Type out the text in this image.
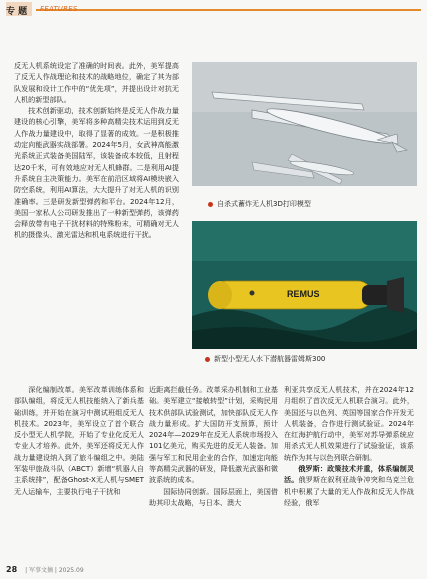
专 题 FEATURES

反无人机系统设定了准确的时间表。此外，美军提高了反无人作战理论和技术的战略地位，确定了其为部队发展和设计工作中的“优先项”，并提出设计对抗无人机的新型部队。

技术创新驱动，技术创新始终是反无人作战力量建设的核心引擎，美军将多种高精尖技术运用到反无人作战力量建设中，取得了显著的成效。一是积极推动定向能武器实战部署。2024年5月，女武神高能激光系统正式装备美国陆军，该装备成本较低，且射程达20千米，可有效地应对无人机蜂群。二是利用AI提升系统自主决策能力。美军在前沿区域将AI模块嵌入防空系统，利用AI算法，大大提升了对无人机的识别准确率。三是研发新型弹药和平台。2024年12月，美国一家私人公司研发推出了一种新型弹药，该弹药会释放带有电子干扰材料的特殊粉末，可精确对无人机的摄像头、激光雷达和机电系统进行干扰。

自杀式蓄炸无人机3D打印模型
REMUS
新型小型无人水下潜航器雷姆斯300

深化编制改革。美军改革训练体系和部队编组，将反无人机技能纳入了新兵基础训练，并开始在演习中测试班组反无人机技术。2023年，美军设立了首个联合反小型无人机学院，开始了专业化反无人专业人才培养。此外，美军还将反无人作战力量建设纳入到了旅斗编组之中。美陆军装甲旅战斗队（ABCT）新增“机器人自主系统排”，配备Ghost-X无人机与SMET无人运输车，主要执行电子干扰和

近距离拦截任务。改革采办机制和工业基础。美军建立“接敏转型”计划，采购民用技术供部队试验测试，加快部队反无人作战力量形成。扩大国防开支预算，预计2024年—2029年在反无人系统市场投入101亿美元，购买先进的反无人装备。加强与军工和民用企业的合作，加速定向能等高精尖武器的研发，降低激光武器和微波系统的成本。

国际协同创新。国际层面上，美国借助其印太战略，与日本、澳大

利亚共享反无人机技术，并在2024年12月组织了首次反无人机联合演习。此外，美国还与以色列、英国等国家合作开发无人机装备，合作进行测试验证。2024年在红海护航行动中，美军对苏导弹系统应用杀式无人机效果进行了试验验证，该系统作为其与以色列联合研制。

俄罗斯：政策技术并重，体系编制灵活。俄罗斯在叙利亚战争冲突和乌克兰危机中积累了大量的无人作战和反无人作战经验，俄军

28 | 军事文摘 | 2025.09
